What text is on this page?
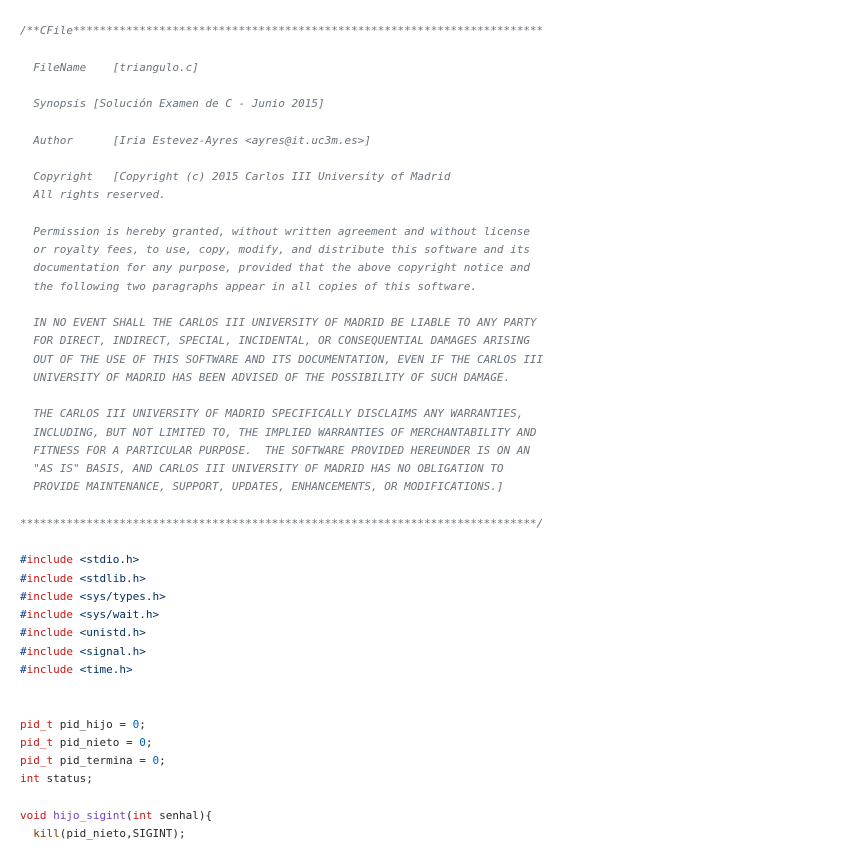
/**CFile***********************************************************************
FileName    [triangulo.c]
Synopsis [Solución Examen de C - Junio 2015]
Author      [Iria Estevez-Ayres <ayres@it.uc3m.es>]
Copyright   [Copyright (c) 2015 Carlos III University of Madrid
All rights reserved.
Permission is hereby granted, without written agreement and without license
or royalty fees, to use, copy, modify, and distribute this software and its
documentation for any purpose, provided that the above copyright notice and
the following two paragraphs appear in all copies of this software.
IN NO EVENT SHALL THE CARLOS III UNIVERSITY OF MADRID BE LIABLE TO ANY PARTY
FOR DIRECT, INDIRECT, SPECIAL, INCIDENTAL, OR CONSEQUENTIAL DAMAGES ARISING
OUT OF THE USE OF THIS SOFTWARE AND ITS DOCUMENTATION, EVEN IF THE CARLOS III
UNIVERSITY OF MADRID HAS BEEN ADVISED OF THE POSSIBILITY OF SUCH DAMAGE.
THE CARLOS III UNIVERSITY OF MADRID SPECIFICALLY DISCLAIMS ANY WARRANTIES,
INCLUDING, BUT NOT LIMITED TO, THE IMPLIED WARRANTIES OF MERCHANTABILITY AND
FITNESS FOR A PARTICULAR PURPOSE.  THE SOFTWARE PROVIDED HEREUNDER IS ON AN
"AS IS" BASIS, AND CARLOS III UNIVERSITY OF MADRID HAS NO OBLIGATION TO
PROVIDE MAINTENANCE, SUPPORT, UPDATES, ENHANCEMENTS, OR MODIFICATIONS.]
******************************************************************************/
#include <stdio.h>
#include <stdlib.h>
#include <sys/types.h>
#include <sys/wait.h>
#include <unistd.h>
#include <signal.h>
#include <time.h>
pid_t pid_hijo = 0;
pid_t pid_nieto = 0;
pid_t pid_termina = 0;
int status;
void hijo_sigint(int senhal){
kill(pid_nieto,SIGINT);
